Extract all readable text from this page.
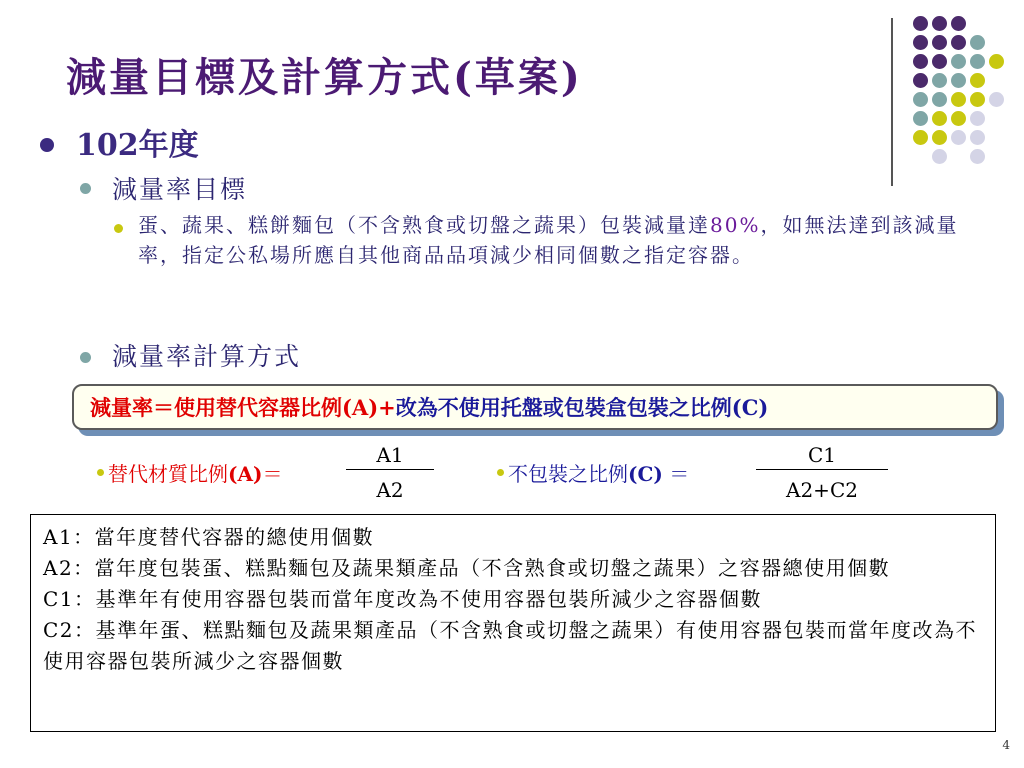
減量目標及計算方式(草案)
102年度
減量率目標
蛋、蔬果、糕餅麵包（不含熟食或切盤之蔬果）包裝減量達80%，如無法達到該減量率，指定公私場所應自其他商品品項減少相同個數之指定容器。
減量率計算方式
減量率＝使用替代容器比例(A)+ 改為不使用托盤或包裝盒包裝之比例(C)
替代材質比例(A)＝
A1
A2
不包裝之比例(C) ＝
C1
A2+C2
A1：當年度替代容器的總使用個數
A2：當年度包裝蛋、糕點麵包及蔬果類產品（不含熟食或切盤之蔬果）之容器總使用個數
C1：基準年有使用容器包裝而當年度改為不使用容器包裝所減少之容器個數
C2：基準年蛋、糕點麵包及蔬果類產品（不含熟食或切盤之蔬果）有使用容器包裝而當年度改為不使用容器包裝所減少之容器個數
4
